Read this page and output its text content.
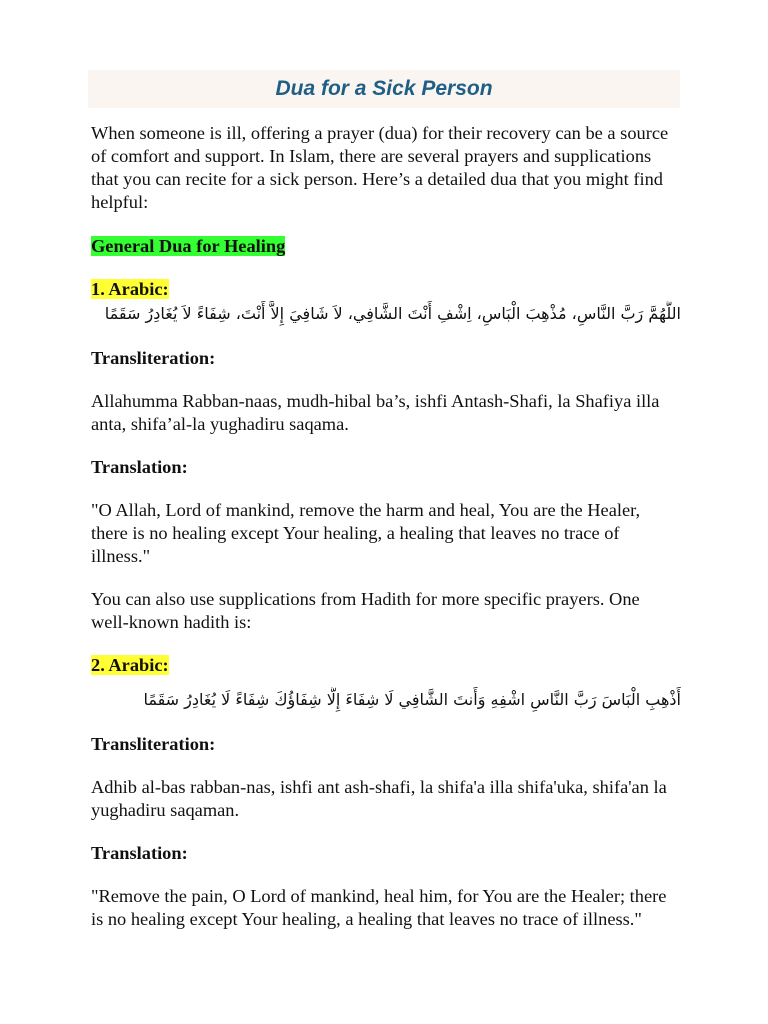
Dua for a Sick Person

When someone is ill, offering a prayer (dua) for their recovery can be a source of comfort and support. In Islam, there are several prayers and supplications that you can recite for a sick person. Here’s a detailed dua that you might find helpful:

General Dua for Healing

1. Arabic:

اللَّهُمَّ رَبَّ النَّاسِ، مُذْهِبَ الْبَاسِ، اِشْفِ أَنْتَ الشَّافِي، لاَ شَافِيَ إِلاَّ أَنْتَ، شِفَاءً لاَ يُغَادِرُ سَقَمًا

Transliteration:

Allahumma Rabban-naas, mudh-hibal ba’s, ishfi Antash-Shafi, la Shafiya illa anta, shifa’al-la yughadiru saqama.

Translation:

"O Allah, Lord of mankind, remove the harm and heal, You are the Healer, there is no healing except Your healing, a healing that leaves no trace of illness."

You can also use supplications from Hadith for more specific prayers. One well-known hadith is:

2. Arabic:

أَذْهِبِ الْبَاسَ رَبَّ النَّاسِ اشْفِهِ وَأَنتَ الشَّافِي لَا شِفَاءَ إِلَّا شِفَاؤُكَ شِفَاءً لَا يُغَادِرُ سَقَمًا

Transliteration:

Adhib al-bas rabban-nas, ishfi ant ash-shafi, la shifa'a illa shifa'uka, shifa'an la yughadiru saqaman.

Translation:

"Remove the pain, O Lord of mankind, heal him, for You are the Healer; there is no healing except Your healing, a healing that leaves no trace of illness."
